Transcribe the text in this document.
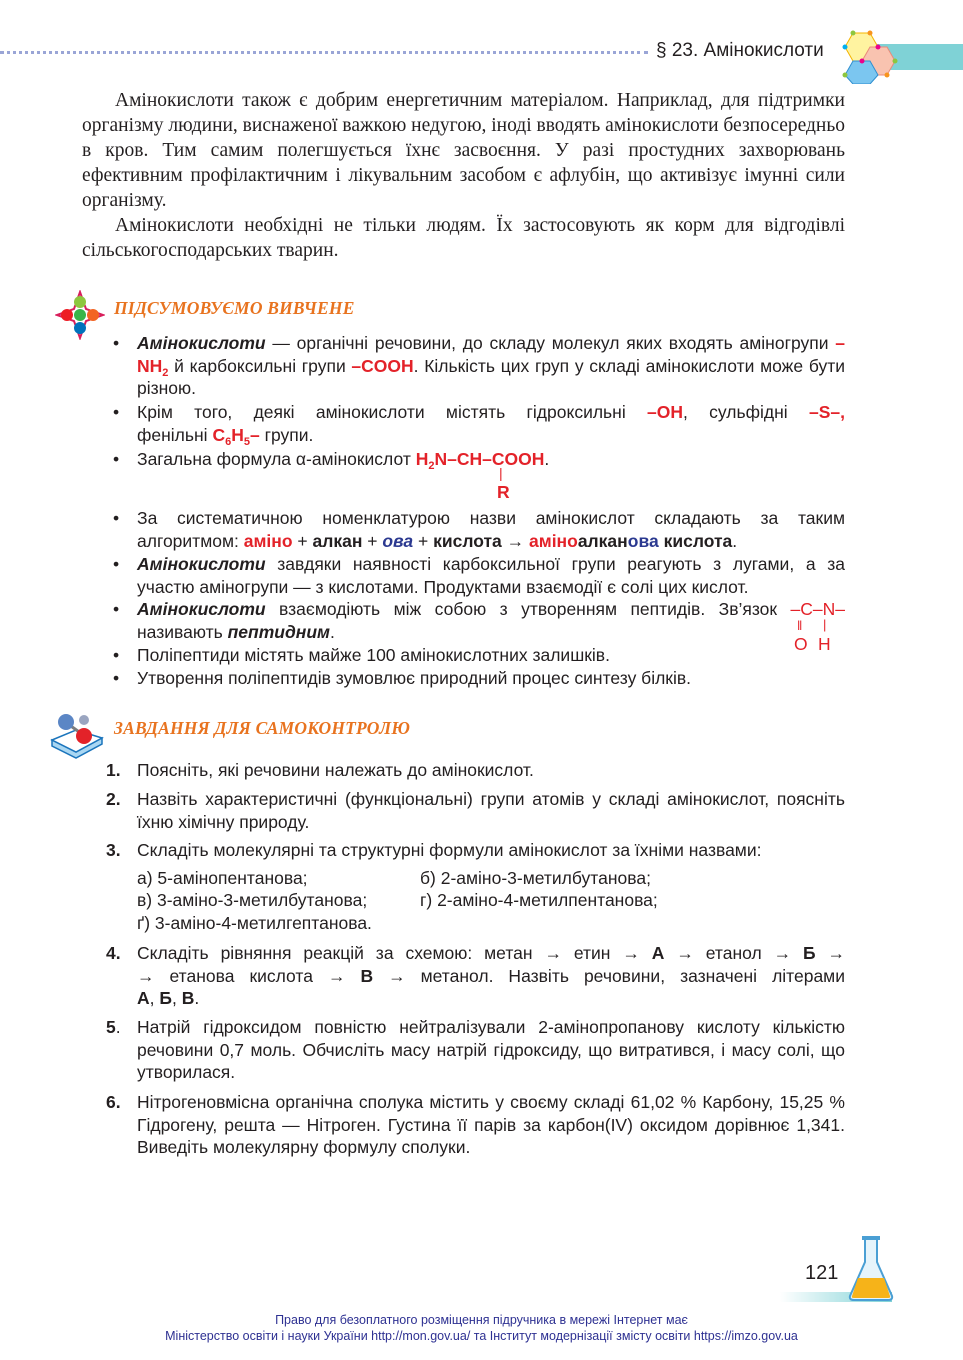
§ 23. Амінокислоти

Амінокислоти також є добрим енергетичним матеріалом. Наприклад, для підтримки організму людини, виснаженої важкою недугою, іноді вводять амінокислоти безпосередньо в кров. Тим самим полегшується їхнє засвоєння. У разі простудних захворювань ефективним профілактичним і лікувальним засобом є афлубін, що активізує імунні сили організму.

Амінокислоти необхідні не тільки людям. Їх застосовують як корм для відгодівлі сільськогосподарських тварин.

ПІДСУМОВУЄМО ВИВЧЕНЕ

• Амінокислоти — органічні речовини, до складу молекул яких входять аміногрупи $-NH_2$ й карбоксильні групи –COOH. Кількість цих груп у складі амінокислоти може бути різною.

• Крім того, деякі амінокислоти містять гідроксильні –OH, сульфідні –S–,
фенільні $C_6H_5-$ групи.
• Загальна формула α-амінокислот $H_2N-CH$–COOH.
|
R

• За систематичною номенклатурою назви амінокислот складають за таким алгоритмом: аміно + алкан + ова + кислота → аміноалканова кислота.

• Амінокислоти завдяки наявності карбоксильної групи реагують з лугами, а за участю аміногрупи — з кислотами. Продуктами взаємодії є солі цих кислот.

• Амінокислоти взаємодіють між собою з утворенням пептидів. Зв’язок –C–N–
називають пептидним.	‖ |
O H

• Поліпептиди містять майже 100 амінокислотних залишків.

• Утворення поліпептидів зумовлює природний процес синтезу білків.

ЗАВДАННЯ ДЛЯ САМОКОНТРОЛЮ

1. Поясніть, які речовини належать до амінокислот.

2. Назвіть характеристичні (функціональні) групи атомів у складі амінокислот, поясніть їхню хімічну природу.

3. Складіть молекулярні та структурні формули амінокислот за їхніми назвами:

а) 5-амінопентанова;	б) 2-аміно-3-метилбутанова;
в) 3-аміно-3-метилбутанова;	г) 2-аміно-4-метилпентанова;
ґ) 3-аміно-4-метилгептанова.
4. Складіть рівняння реакцій за схемою: метан → етин → А → етанол → Б →
→ етанова кислота → В → метанол. Назвіть речовини, зазначені літерами
А, Б, В.

5. Натрій гідроксидом повністю нейтралізували 2-амінопропанову кислоту кількістю речовини 0,7 моль. Обчисліть масу натрій гідроксиду, що витратився, і масу солі, що утворилася.

6. Нітрогеновмісна органічна сполука містить у своєму складі 61,02 % Карбону, 15,25 % Гідрогену, решта — Нітроген. Густина її парів за карбон(IV) оксидом дорівнює 1,341. Виведіть молекулярну формулу сполуки.

121
Право для безоплатного розміщення підручника в мережі Інтернет має
Міністерство освіти і науки України http://mon.gov.ua/ та Інститут модернізації змісту освіти https://imzo.gov.ua
